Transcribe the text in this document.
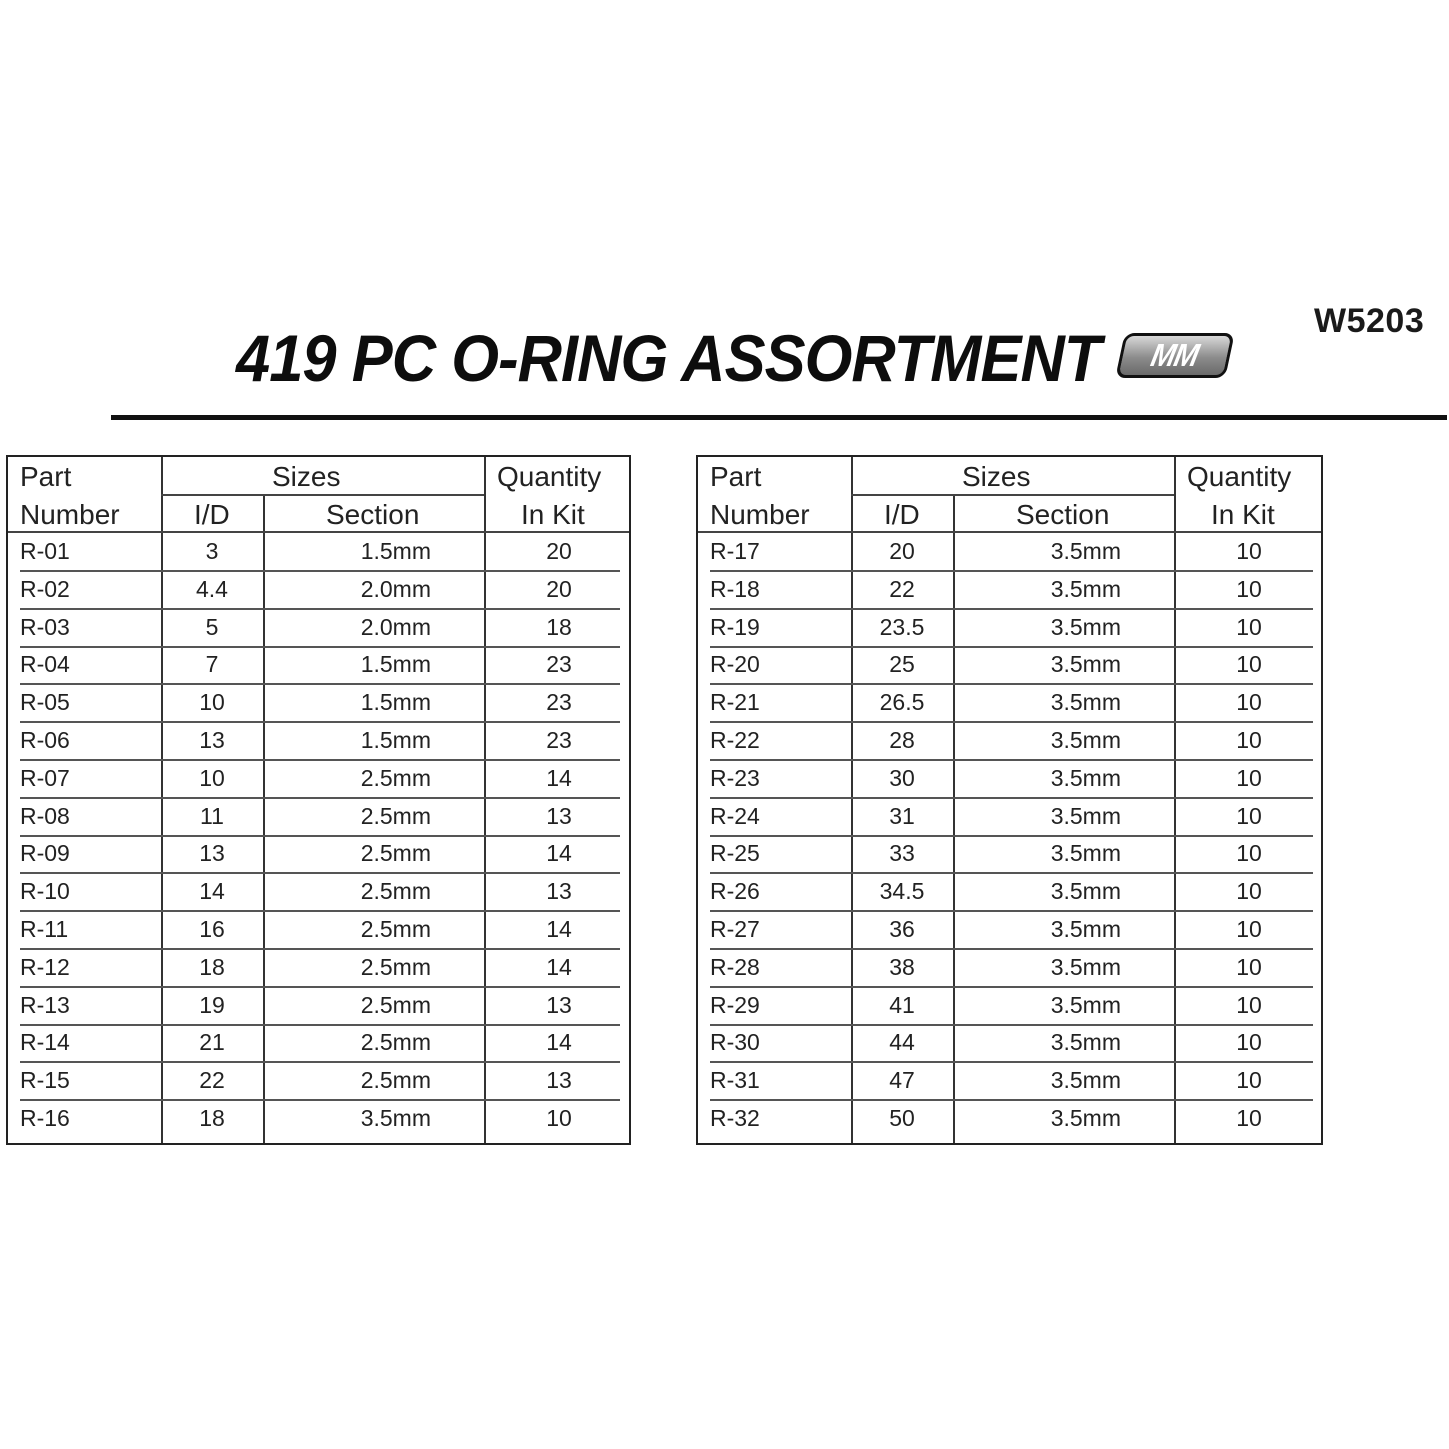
W5203
419 PC O-RING ASSORTMENT MM
Part
Number
Sizes
I/D	Section
Quantity
In Kit
R-01	3	1.5mm	20
R-02	4.4	2.0mm	20
R-03	5	2.0mm	18
R-04	7	1.5mm	23
R-05	10	1.5mm	23
R-06	13	1.5mm	23
R-07	10	2.5mm	14
R-08	11	2.5mm	13
R-09	13	2.5mm	14
R-10	14	2.5mm	13
R-11	16	2.5mm	14
R-12	18	2.5mm	14
R-13	19	2.5mm	13
R-14	21	2.5mm	14
R-15	22	2.5mm	13
R-16	18	3.5mm	10
Part
Number
Sizes
I/D	Section
Quantity
In Kit
R-17	20	3.5mm	10
R-18	22	3.5mm	10
R-19	23.5	3.5mm	10
R-20	25	3.5mm	10
R-21	26.5	3.5mm	10
R-22	28	3.5mm	10
R-23	30	3.5mm	10
R-24	31	3.5mm	10
R-25	33	3.5mm	10
R-26	34.5	3.5mm	10
R-27	36	3.5mm	10
R-28	38	3.5mm	10
R-29	41	3.5mm	10
R-30	44	3.5mm	10
R-31	47	3.5mm	10
R-32	50	3.5mm	10
